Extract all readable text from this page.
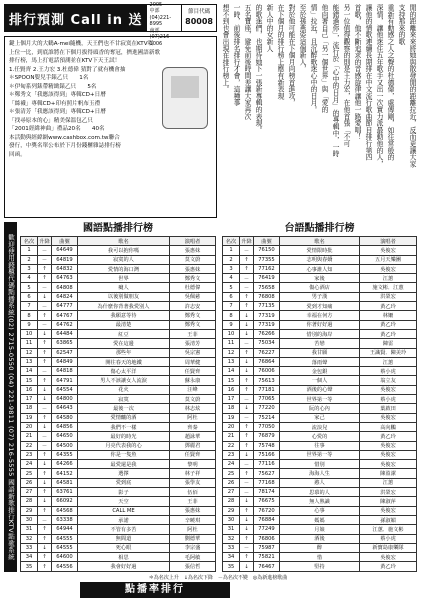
排行預測 Call in 送
2005
中部(04)221-8995
南部(07)216-1006
節目代碼
80008
鍵上個月大的大鶴A-mei隨機，天王們也不甘寂寞在KTV唱
上位一比，到底誰將在下個月拔得頭香的奪冠，擠進國語新歌
排行榜，馬上打電話預測並在KTV下天王試！
1.任賢齊 2.王力宏 3.杜德偉 猜對了就有機會抽
＊SPOON嬰兒手錶乙只　　1名
＊伊甸系列錶帶精緻錶乙只　　5名
＊鄭秀文「我應該得到」專輯CD+日曆
「絲襪」專輯CD+印有照片帆布玉禮
＊張清芳「我應該得到」專輯CD+日曆
「找尋原本的心」精美保溫包乙只
「2001經緯神曲」禮品20名　　40名
本活動與經緯網www.cashbox.com.tw聯合
發行，中獎名單公布於下月份錢櫃雜誌排行榜
回函。	閒的距離來來將她與散發閒的距離拉近，反而更讓大家
支持那來的歌
重新有動感之人之聲的杜德偉，處傳剛，如往常般的
深情，讓他迷住五年歌手又出一次實力派最動他的人，
讓他的情歌連續長期排在中文流行歌曲節目排行第四
首歌，他不斷追求的音感旋律讓他一路愛唱！
另一位值得觀察的則是王力宏，在他首張「不可
能錯過你」，流行於「心中的日月」的專輯中，一時
他向著自己「另一個世界」與「愛的
情」拉近，且沉醉歌迷心中的日月。
至於孫燕姿這個新人，
對於他可能在下個月向榜首進攻，
在下個月的排行榜上應有新表現
新人中的女新人
的歌迷們，也期待她下一張新專輯的表現。
五名寶座，避免前後時間差讓大家再次
一時，前後排名排行才會，這種事
想不到也會出現在排行榜上。
歡迎使用錢櫃代碼點播系統(02) 2715-0550 (04) 221-9811 (07) 216-5555 國語新歌排行KTV點歌系統
國語點播排行榜
名次	升降	曲號	歌名	演唱者
1	－	64649	我可以抱你嗎	張惠妹
2	－	64819	寂寞的人	莫文蔚
3	↑	64832	愛情的海口灣	張惠妹
4	↑	64763	世界	鄭秀文
5	－	64808	癡人	杜德偉
6	↓	64824	以後別做朋友	吳佩慈
7	－	64777	為什麼你背著我愛別人	許志安
8	↑	64767	我願意等待	鄭秀文
9	－	64762	最清楚	鄭秀文
10	↓	64484	紅豆	王菲
11	↑	63865	愛在這邊	張清芳
12	↑	62547	那些年	吳宗憲
13	↑	64849	開往春天的地鐵	周華健
14	－	64818	傷心太平洋	任賢齊
15	↑	64791	男人不該讓女人流淚	蘇永康
16	↓	64554	花火	汪峰
17	↓	64800	寂寞	莫文蔚
18	－	64643	最後一次	林志炫
19	↑	64580	愛情釀的酒	阿杜
20	↓	64856	我們不一樣	齊秦
21	－	64650	最好的時光	趙詠華
22	－	64500	月亮代表我的心	鄧麗君
23	↑	64355	你是一隻魚	任賢齊
24	↓	64266	最愛還是我	黎明
25	↑	64152	選擇	林子祥
26	↓	64581	愛到底	張學友
27	↑	63761	影子	伍佰
28	↓	66092	天空	王菲
29	↑	64568	CALL ME	張惠妹
30	－	63338	承諾	辛曉琪
31	↑	64944	不管有多苦	阿杜
32	↑	64555	無間道	劉德華
33	↓	64555	死心眼	李宗盛
34	↑	64600	相思	毛阿敏
35	↑	64556	我會好好過	張信哲
台語點播排行榜
名次	升降	曲號	歌名	演唱者
1	－	76150	愛情限時批	吳俊宏
2	↑	77355	志明與春嬌	五月天樂團
3	↑	77162	心事誰人知	吳俊宏
4	－	76419	家後	江蕙
5	－	75658	傷心酒店	施文彬．江蕙
6	↑	76808	男子漢	洪榮宏
7	↑	77135	愛到才知痛	黃乙玲
8	↓	77319	幸福在何方	林姍
9	↓	77319	你著好好過	黃乙玲
10	↓	76266	惜別的海岸	黃乙玲
11	－	75034	苦戀	陳雷
12	↑	76227	我甘願	王識賢．陳美玲
13	↓	76864	落雨聲	江蕙
14	↓	76006	金包銀	蔡小虎
15	↑	75613	一個人	翁立友
16	↑	77181	酒後的心聲	吳俊宏
17	－	77065	世界第一等	蔡小虎
18	↓	77220	阮的心內	葉啟田
19	－	75214	家己	吳俊宏
20	↑	77050	流浪兒	高向鵬
21	↑	76879	心愛的	黃乙玲
22	↑	75748	往事	吳俊宏
23	↓	75166	世界第一等	吳俊宏
24	－	77116	惜別	吳俊宏
25	↑	75627	海海人生	陳盈潔
26	－	77168	憨人	江蕙
27	－	78174	思慕的人	洪榮宏
28	↓	76675	無人熟識	陳淑萍
29	↑	76720	心事	吳俊宏
30	↓	76884	媽媽	孫淑媚
31	↓	77249	月娘	江蕙．施文彬
32	↑	76806	酒後	蔡小虎
33	－	75987	醉	新寶島康樂隊
34	↑	75821	惜	吳俊宏
35	↓	76467	堅持	黃乙玲
＊為名次上升　↓為名次下降　－為名次不變　◎為新進榜歌曲
點播率排行
